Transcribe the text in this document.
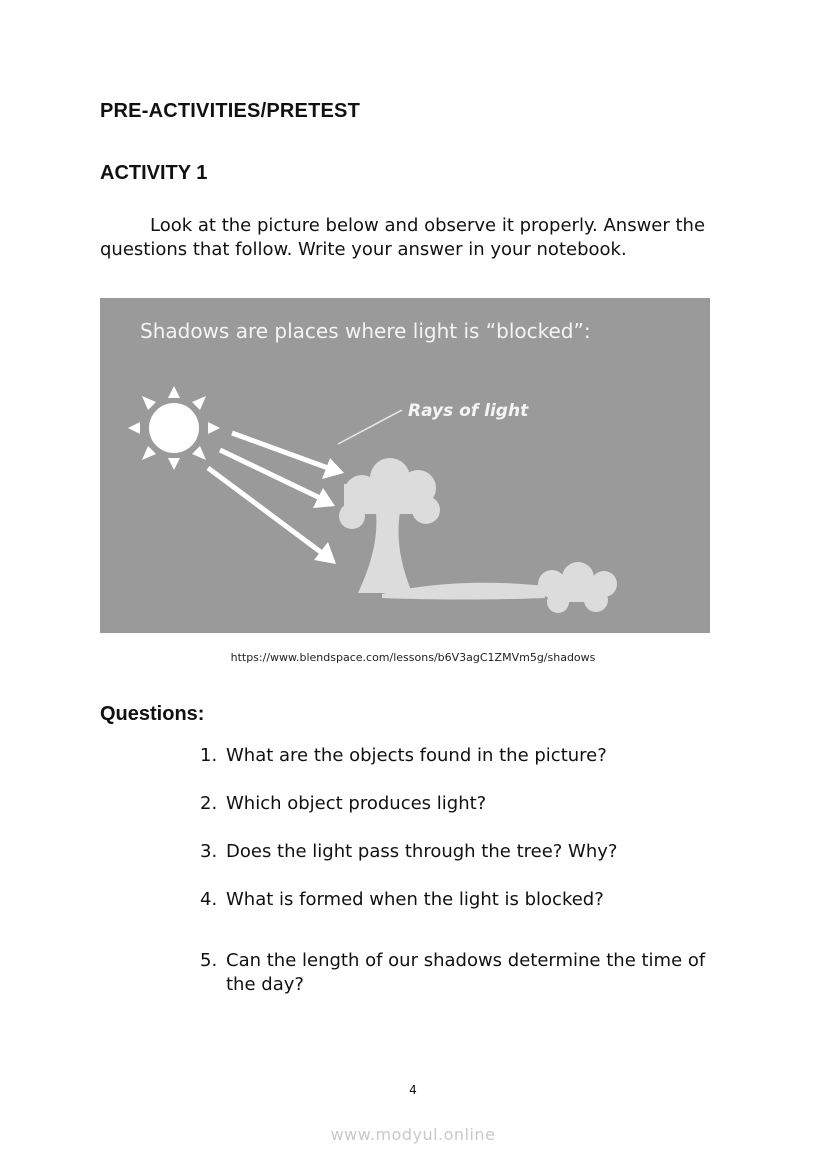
PRE-ACTIVITIES/PRETEST
ACTIVITY 1

Look at the picture below and observe it properly. Answer the questions that follow. Write your answer in your notebook.

Shadows are places where light is “blocked”:
Rays of light

https://www.blendspace.com/lessons/b6V3agC1ZMVm5g/shadows

Questions:
1. What are the objects found in the picture?
2. Which object produces light?
3. Does the light pass through the tree? Why?
4. What is formed when the light is blocked?
5. Can the length of our shadows determine the time of the day?
4
www.modyul.online
